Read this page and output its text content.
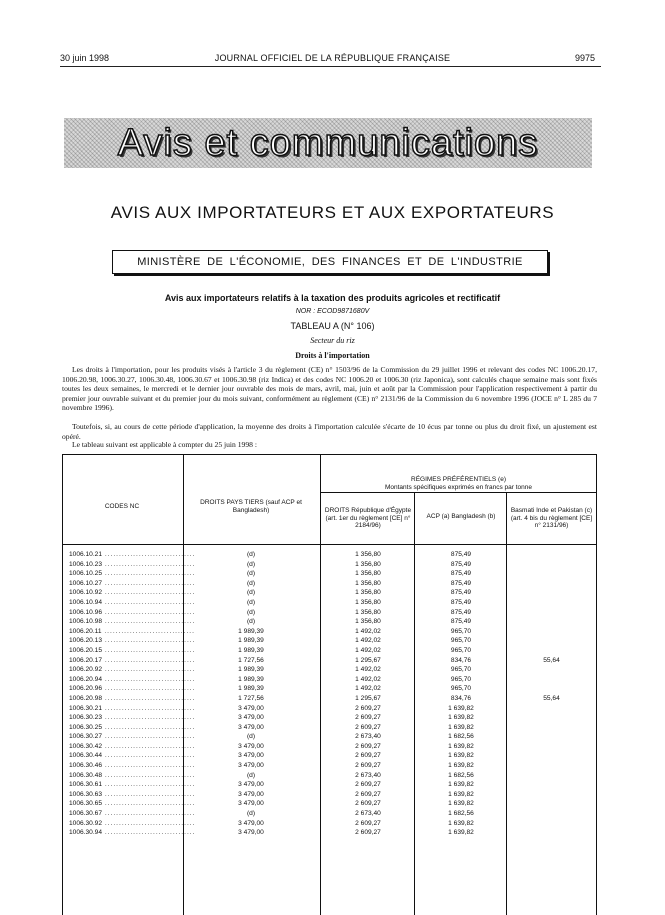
30 juin 1998	JOURNAL OFFICIEL DE LA RÉPUBLIQUE FRANÇAISE	9975
Avis et communications
AVIS AUX IMPORTATEURS ET AUX EXPORTATEURS
MINISTÈRE DE L'ÉCONOMIE, DES FINANCES ET DE L'INDUSTRIE
Avis aux importateurs relatifs à la taxation des produits agricoles et rectificatif
NOR : ECOD9871680V
TABLEAU A (N° 106)
Secteur du riz
Droits à l'importation
Les droits à l'importation, pour les produits visés à l'article 3 du règlement (CE) n° 1503/96 de la Commission du 29 juillet 1996 et relevant des codes NC 1006.20.17, 1006.20.98, 1006.30.27, 1006.30.48, 1006.30.67 et 1006.30.98 (riz Indica) et des codes NC 1006.20 et 1006.30 (riz Japonica), sont calculés chaque semaine mais sont fixés toutes les deux semaines, le mercredi et le dernier jour ouvrable des mois de mars, avril, mai, juin et août par la Commission pour l'application respectivement à partir du premier jour ouvrable suivant et du premier jour du mois suivant, conformément au règlement (CE) n° 2131/96 de la Commission du 6 novembre 1996 (JOCE n° L 285 du 7 novembre 1996).
Toutefois, si, au cours de cette période d'application, la moyenne des droits à l'importation calculée s'écarte de 10 écus par tonne ou plus du droit fixé, un ajustement est opéré.
Le tableau suivant est applicable à compter du 25 juin 1998 :
CODES NC
DROITS PAYS TIERS (sauf ACP et Bangladesh)
RÉGIMES PRÉFÉRENTIELS (e)
Montants spécifiques exprimés en francs par tonne
DROITS République d'Égypte (art. 1er du règlement [CE] n° 2184/96)
ACP (a) Bangladesh (b)
Basmati Inde et Pakistan (c) (art. 4 bis du règlement [CE] n° 2131/96)
1006.10.21 .....	(d)	1 356,80	875,49
1006.10.23 .....	(d)	1 356,80	875,49
1006.10.25 .....	(d)	1 356,80	875,49
1006.10.27 .....	(d)	1 356,80	875,49
1006.10.92 .....	(d)	1 356,80	875,49
1006.10.94 .....	(d)	1 356,80	875,49
1006.10.96 .....	(d)	1 356,80	875,49
1006.10.98 .....	(d)	1 356,80	875,49
1006.20.11 .....	1 989,39	1 492,02	965,70
1006.20.13 .....	1 989,39	1 492,02	965,70
1006.20.15 .....	1 989,39	1 492,02	965,70
1006.20.17 .....	1 727,56	1 295,67	834,76	55,64
1006.20.92 .....	1 989,39	1 492,02	965,70
1006.20.94 .....	1 989,39	1 492,02	965,70
1006.20.96 .....	1 989,39	1 492,02	965,70
1006.20.98 .....	1 727,56	1 295,67	834,76	55,64
1006.30.21 .....	3 479,00	2 609,27	1 639,82
1006.30.23 .....	3 479,00	2 609,27	1 639,82
1006.30.25 .....	3 479,00	2 609,27	1 639,82
1006.30.27 .....	(d)	2 673,40	1 682,56
1006.30.42 .....	3 479,00	2 609,27	1 639,82
1006.30.44 .....	3 479,00	2 609,27	1 639,82
1006.30.46 .....	3 479,00	2 609,27	1 639,82
1006.30.48 .....	(d)	2 673,40	1 682,56
1006.30.61 .....	3 479,00	2 609,27	1 639,82
1006.30.63 .....	3 479,00	2 609,27	1 639,82
1006.30.65 .....	3 479,00	2 609,27	1 639,82
1006.30.67 .....	(d)	2 673,40	1 682,56
1006.30.92 .....	3 479,00	2 609,27	1 639,82
1006.30.94 .....	3 479,00	2 609,27	1 639,82
